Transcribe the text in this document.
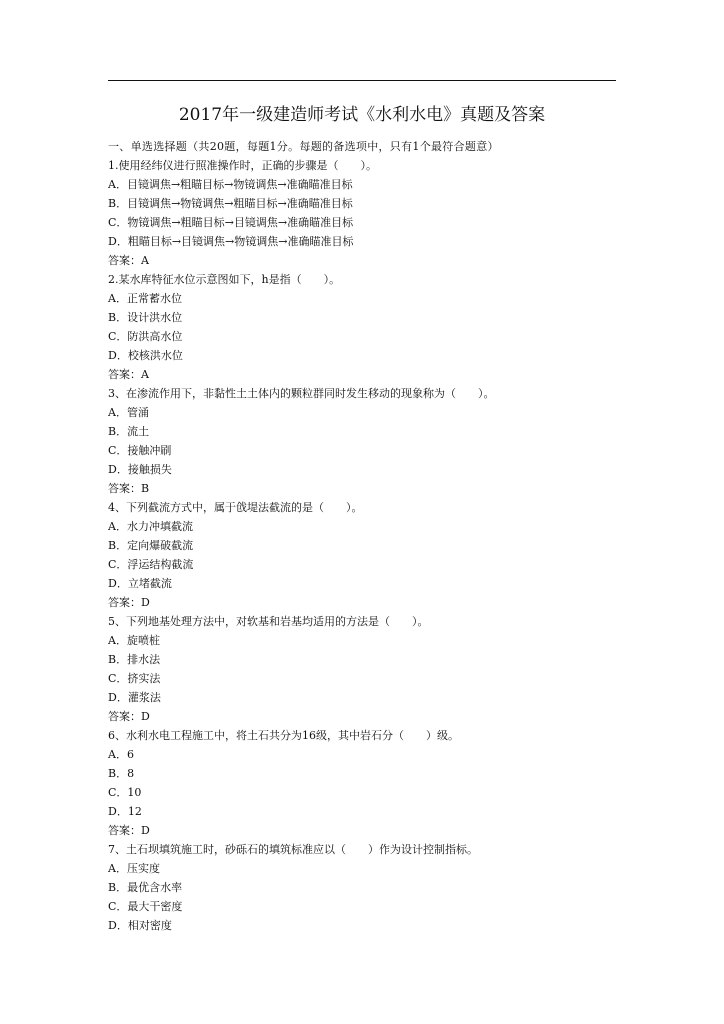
2017年一级建造师考试《水利水电》真题及答案
一、单选选择题（共20题，每题1分。每题的备选项中，只有1个最符合题意）
1.使用经纬仪进行照准操作时，正确的步骤是（　　）。
A．目镜调焦→粗瞄目标→物镜调焦→准确瞄准目标
B．目镜调焦→物镜调焦→粗瞄目标→准确瞄准目标
C．物镜调焦→粗瞄目标→目镜调焦→准确瞄准目标
D．粗瞄目标→目镜调焦→物镜调焦→准确瞄准目标
答案：A
2.某水库特征水位示意图如下，h是指（　　）。
A．正常蓄水位
B．设计洪水位
C．防洪高水位
D．校核洪水位
答案：A
3、在渗流作用下，非黏性土土体内的颗粒群同时发生移动的现象称为（　　）。
A．管涌
B．流土
C．接触冲刷
D．接触损失
答案：B
4、下列截流方式中，属于戗堤法截流的是（　　）。
A．水力冲填截流
B．定向爆破截流
C．浮运结构截流
D．立堵截流
答案：D
5、下列地基处理方法中，对软基和岩基均适用的方法是（　　）。
A．旋喷桩
B．排水法
C．挤实法
D．灌浆法
答案：D
6、水利水电工程施工中，将土石共分为16级，其中岩石分（　　）级。
A．6
B．8
C．10
D．12
答案：D
7、土石坝填筑施工时，砂砾石的填筑标准应以（　　）作为设计控制指标。
A．压实度
B．最优含水率
C．最大干密度
D．相对密度
